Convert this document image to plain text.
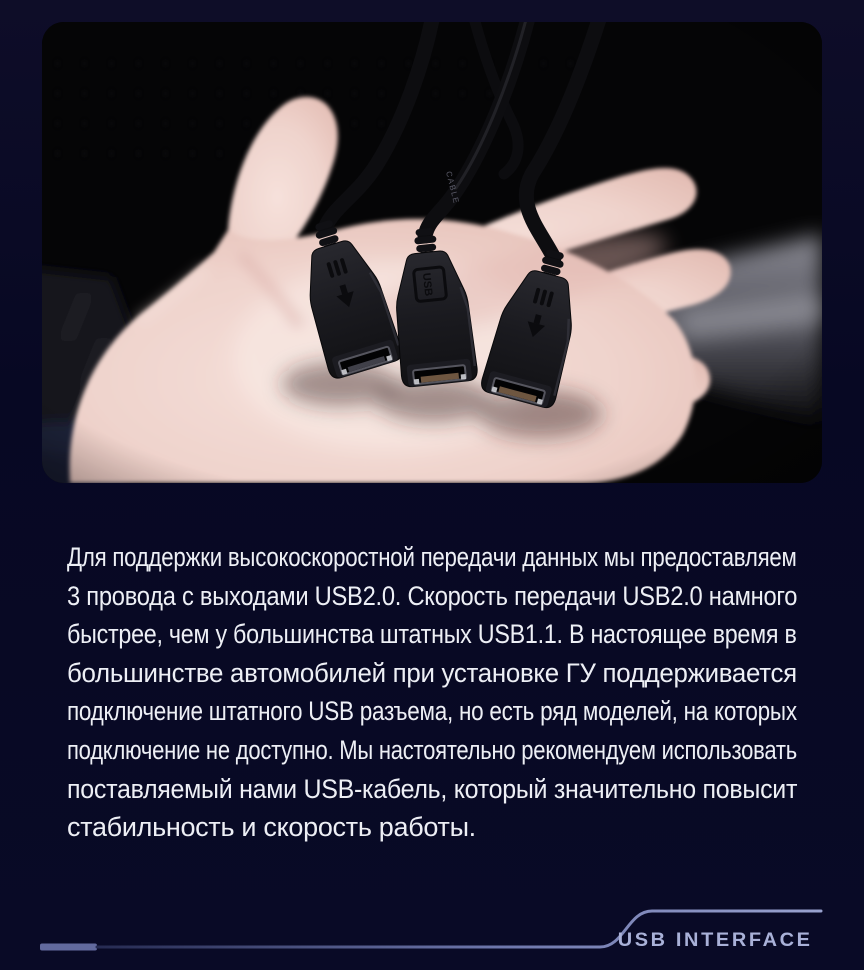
Для поддержки высокоскоростной передачи данных мы предоставляем
3 провода с выходами USB2.0. Скорость передачи USB2.0 намного
быстрее, чем у большинства штатных USB1.1. В настоящее время в
большинстве автомобилей при установке ГУ поддерживается
подключение штатного USB разъема, но есть ряд моделей, на которых
подключение не доступно. Мы настоятельно рекомендуем использовать
поставляемый нами USB-кабель, который значительно повысит
стабильность и скорость работы.
USB INTERFACE
